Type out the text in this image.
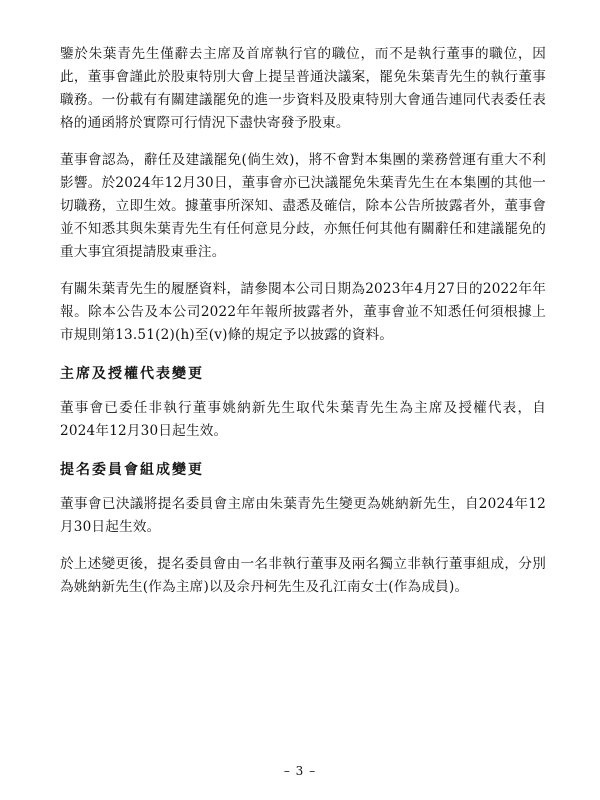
鑒於朱葉青先生僅辭去主席及首席執行官的職位，而不是執行董事的職位，因此，董事會謹此於股東特別大會上提呈普通決議案，罷免朱葉青先生的執行董事職務。一份載有有關建議罷免的進一步資料及股東特別大會通告連同代表委任表格的通函將於實際可行情況下盡快寄發予股東。

董事會認為，辭任及建議罷免(倘生效)，將不會對本集團的業務營運有重大不利影響。於2024年12月30日，董事會亦已決議罷免朱葉青先生在本集團的其他一切職務，立即生效。據董事所深知、盡悉及確信，除本公告所披露者外，董事會並不知悉其與朱葉青先生有任何意見分歧，亦無任何其他有關辭任和建議罷免的重大事宜須提請股東垂注。

有關朱葉青先生的履歷資料，請參閱本公司日期為2023年4月27日的2022年年報。除本公告及本公司2022年年報所披露者外，董事會並不知悉任何須根據上市規則第13.51(2)(h)至(v)條的規定予以披露的資料。

主席及授權代表變更

董事會已委任非執行董事姚納新先生取代朱葉青先生為主席及授權代表，自2024年12月30日起生效。

提名委員會組成變更

董事會已決議將提名委員會主席由朱葉青先生變更為姚納新先生，自2024年12月30日起生效。

於上述變更後，提名委員會由一名非執行董事及兩名獨立非執行董事組成，分別為姚納新先生(作為主席)以及佘丹柯先生及孔江南女士(作為成員)。

– 3 –
